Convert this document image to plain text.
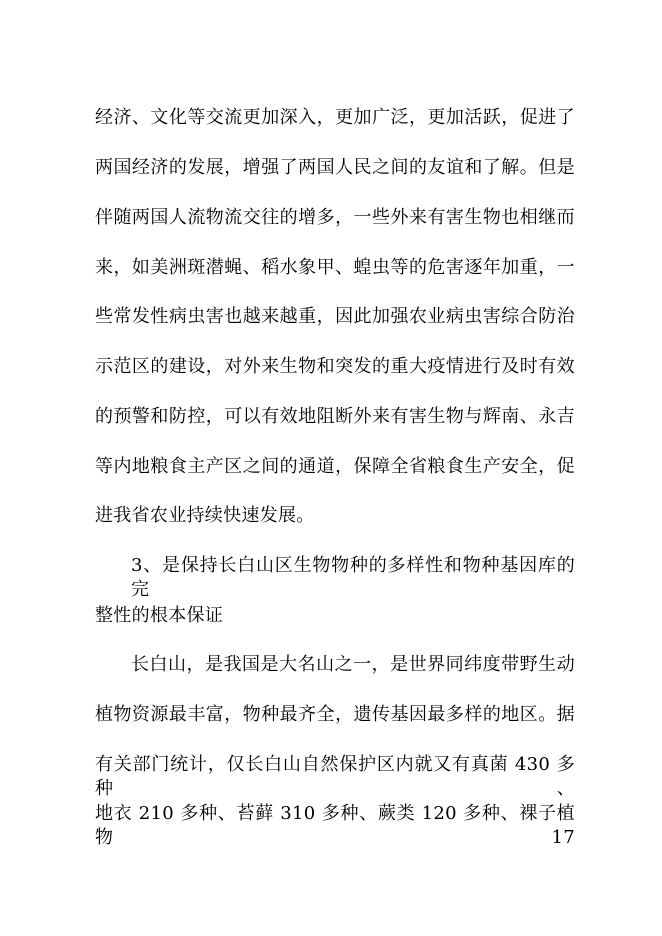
经济、文化等交流更加深入，更加广泛，更加活跃，促进了
两国经济的发展，增强了两国人民之间的友谊和了解。但是
伴随两国人流物流交往的增多，一些外来有害生物也相继而
来，如美洲斑潜蝇、稻水象甲、蝗虫等的危害逐年加重，一
些常发性病虫害也越来越重，因此加强农业病虫害综合防治
示范区的建设，对外来生物和突发的重大疫情进行及时有效
的预警和防控，可以有效地阻断外来有害生物与辉南、永吉
等内地粮食主产区之间的通道，保障全省粮食生产安全，促
进我省农业持续快速发展。
3、是保持长白山区生物物种的多样性和物种基因库的完
整性的根本保证
长白山，是我国是大名山之一，是世界同纬度带野生动
植物资源最丰富，物种最齐全，遗传基因最多样的地区。据
有关部门统计，仅长白山自然保护区内就又有真菌 430 多种、
地衣 210 多种、苔藓 310 多种、蕨类 120 多种、裸子植物 17
